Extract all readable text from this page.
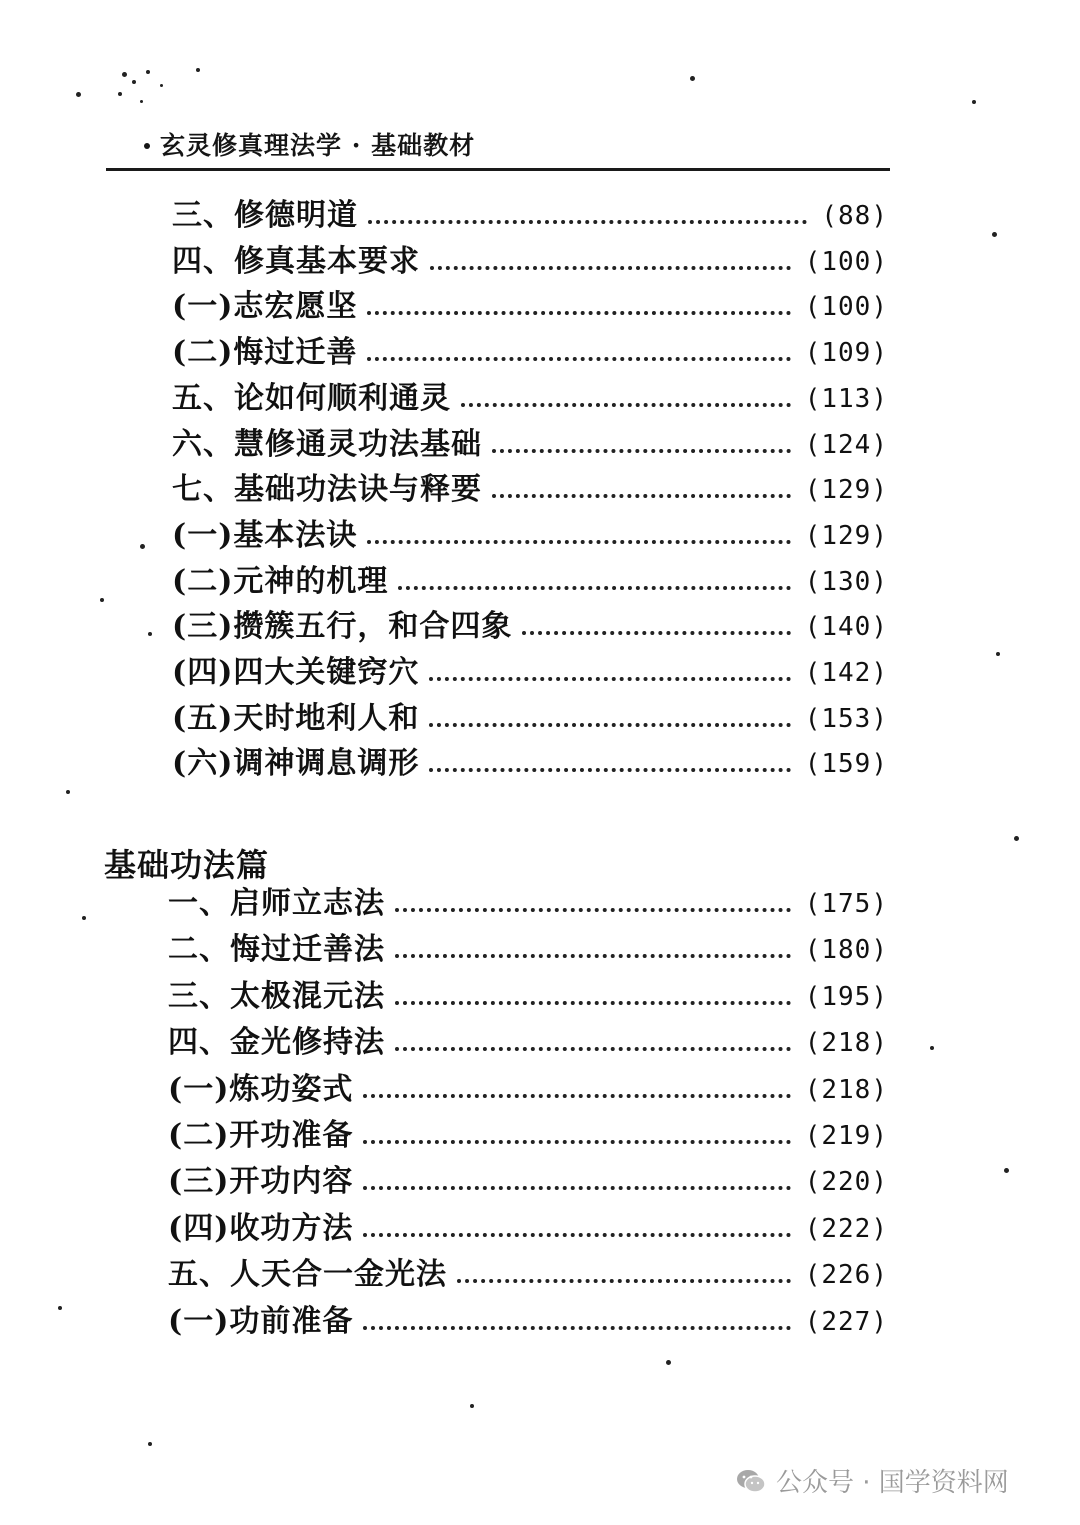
玄灵修真理法学 · 基础教材
三、修德明道	(88)
四、修真基本要求	(100)
(一)志宏愿坚	(100)
(二)悔过迁善	(109)
五、论如何顺利通灵	(113)
六、慧修通灵功法基础	(124)
七、基础功法诀与释要	(129)
(一)基本法诀	(129)
(二)元神的机理	(130)
(三)攒簇五行，和合四象	(140)
(四)四大关键窍穴	(142)
(五)天时地利人和	(153)
(六)调神调息调形	(159)
基础功法篇
一、启师立志法	(175)
二、悔过迁善法	(180)
三、太极混元法	(195)
四、金光修持法	(218)
(一)炼功姿式	(218)
(二)开功准备	(219)
(三)开功内容	(220)
(四)收功方法	(222)
五、人天合一金光法	(226)
(一)功前准备	(227)
公众号 · 国学资料网
